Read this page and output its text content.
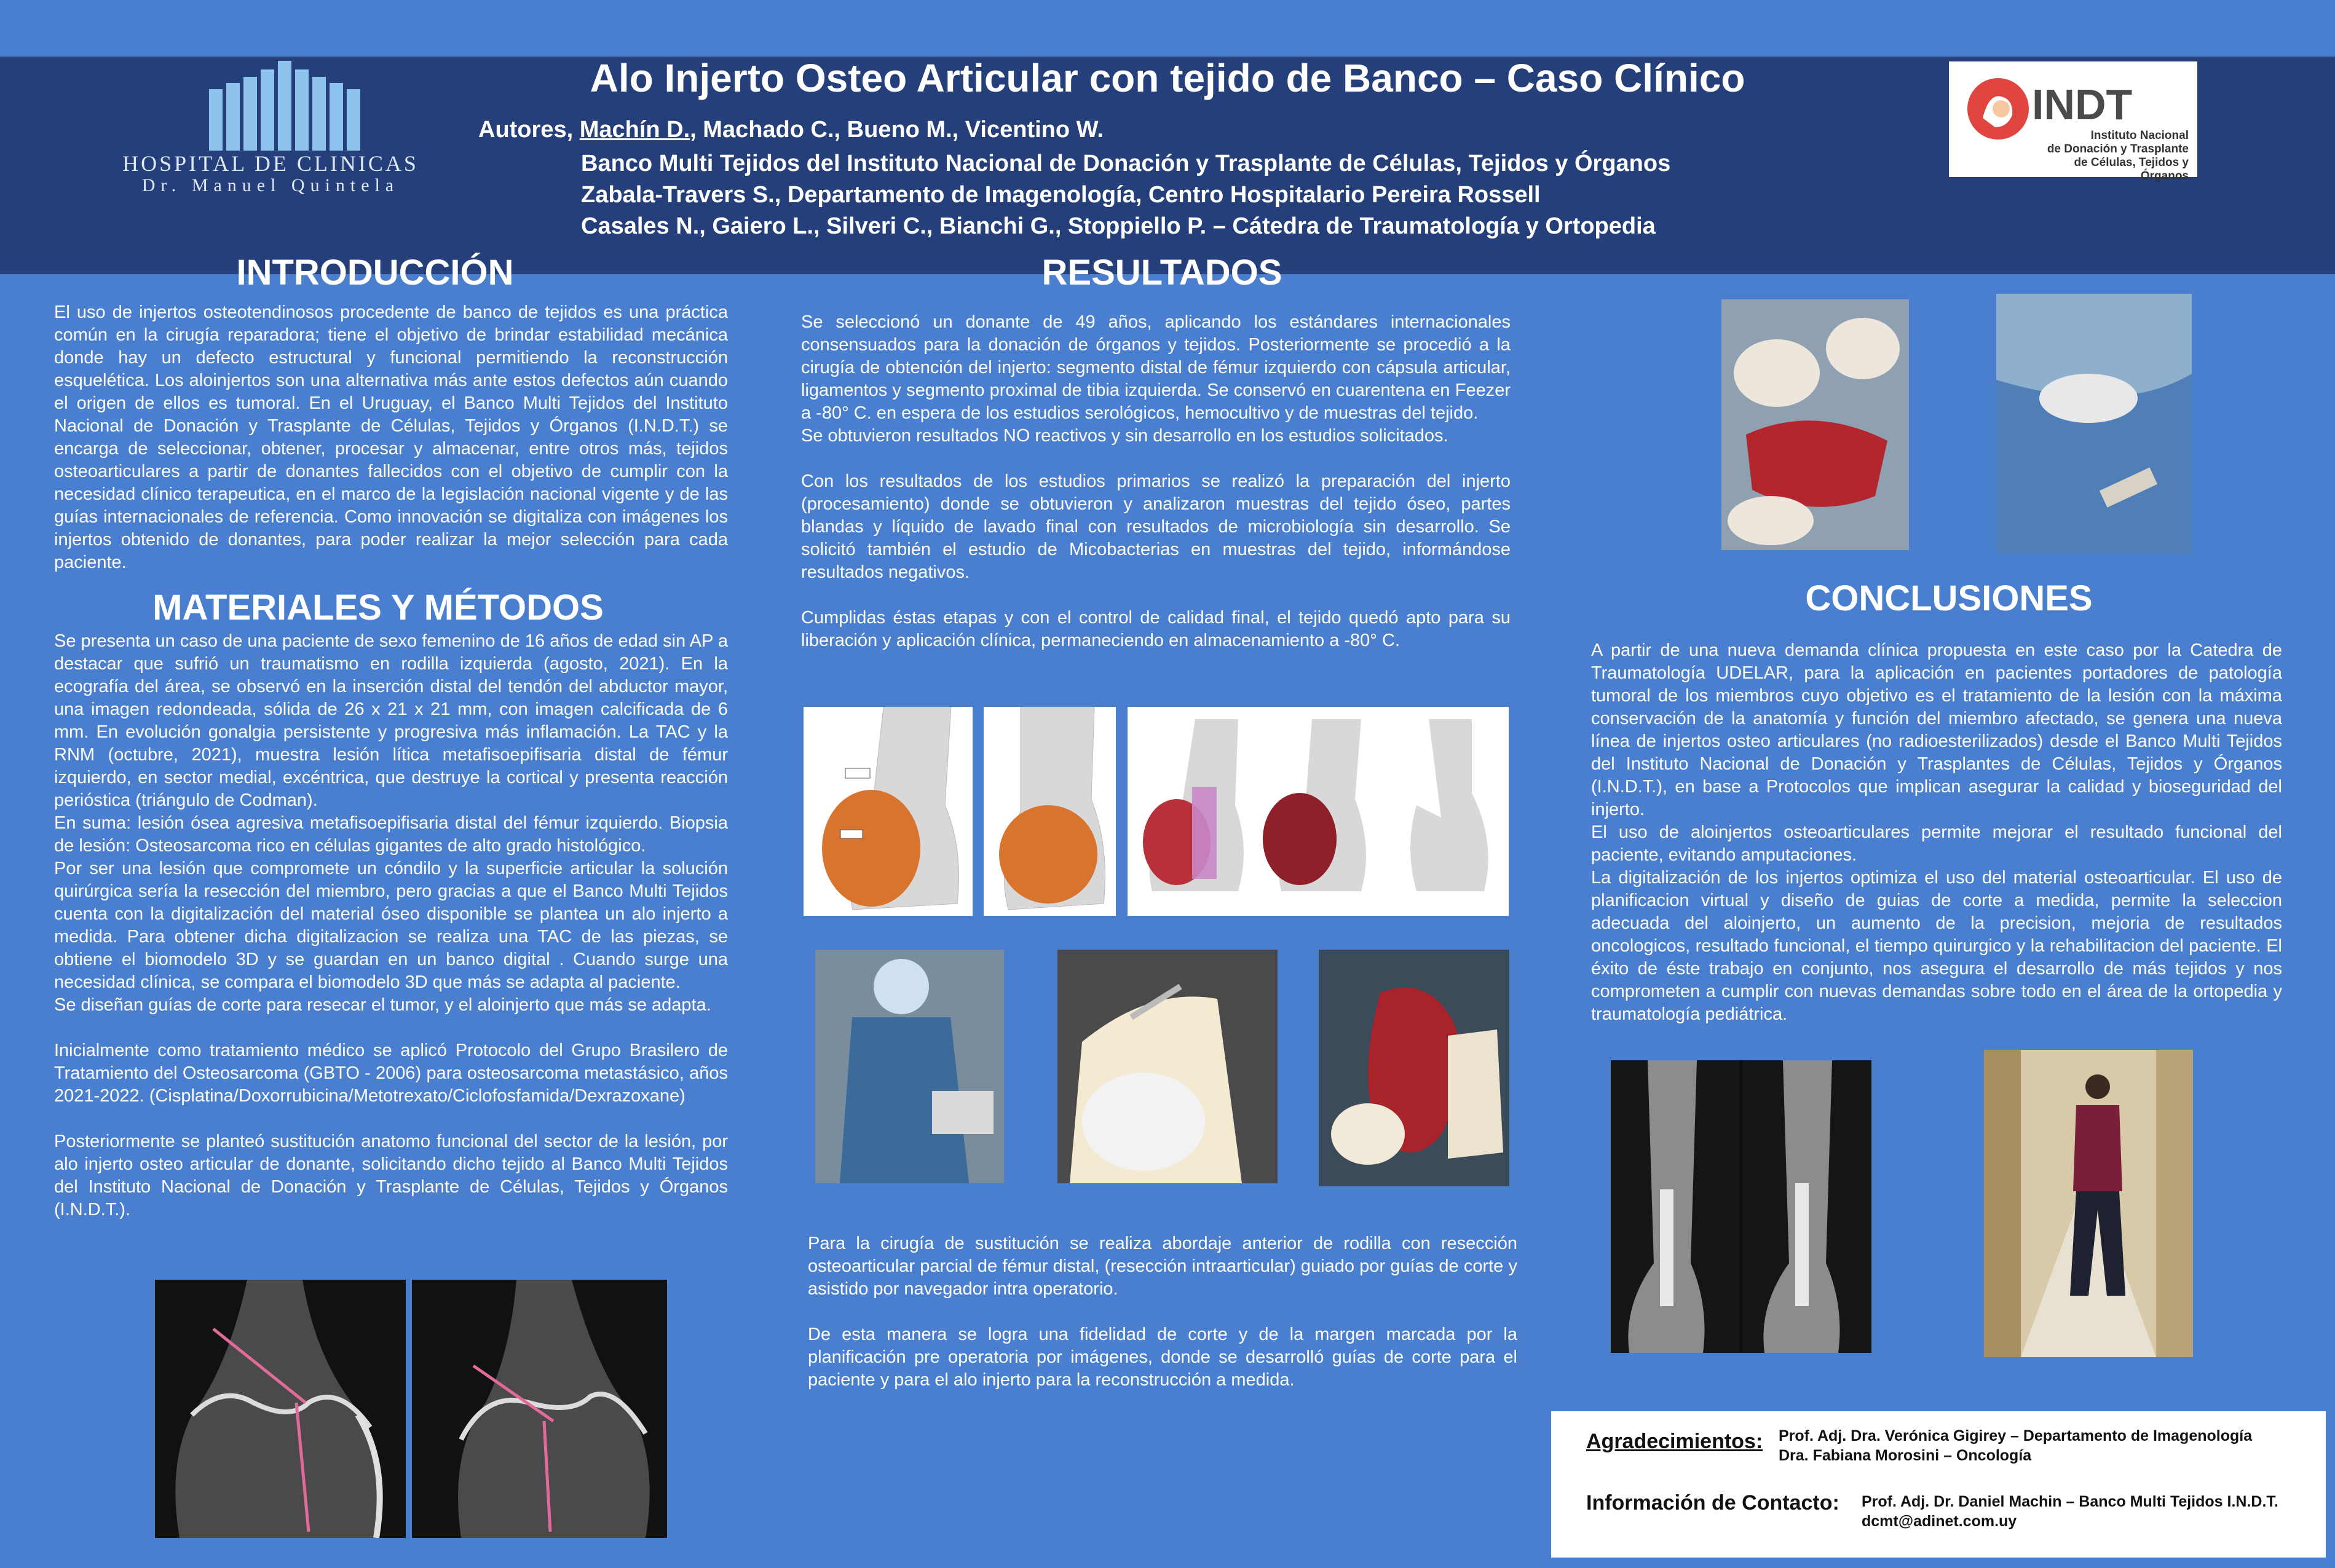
HOSPITAL DE CLINICAS
Dr. Manuel Quintela
Alo Injerto Osteo Articular con tejido de Banco – Caso Clínico
Autores, Machín D., Machado C., Bueno M., Vicentino W.
Banco Multi Tejidos del Instituto Nacional de Donación y Trasplante de Células, Tejidos y Órganos
Zabala-Travers S., Departamento de Imagenología, Centro Hospitalario Pereira Rossell
Casales N., Gaiero L., Silveri C., Bianchi G., Stoppiello P. – Cátedra de Traumatología y Ortopedia
INDT
Instituto Nacional
de Donación y Trasplante
de Células, Tejidos y Órganos
INTRODUCCIÓN
El uso de injertos osteotendinosos procedente de banco de tejidos es una práctica común en la cirugía reparadora; tiene el objetivo de brindar estabilidad mecánica donde hay un defecto estructural y funcional permitiendo la reconstrucción esquelética. Los aloinjertos son una alternativa más ante estos defectos aún cuando el origen de ellos es tumoral. En el Uruguay, el Banco Multi Tejidos del Instituto Nacional de Donación y Trasplante de Células, Tejidos y Órganos (I.N.D.T.) se encarga de seleccionar, obtener, procesar y almacenar, entre otros más, tejidos osteoarticulares a partir de donantes fallecidos con el objetivo de cumplir con la necesidad clínico terapeutica, en el marco de la legislación nacional vigente y de las guías internacionales de referencia. Como innovación se digitaliza con imágenes los injertos obtenido de donantes, para poder realizar la mejor selección para cada paciente.
MATERIALES Y MÉTODOS

Se presenta un caso de una paciente de sexo femenino de 16 años de edad sin AP a destacar que sufrió un traumatismo en rodilla izquierda (agosto, 2021). En la ecografía del área, se observó en la inserción distal del tendón del abductor mayor, una imagen redondeada, sólida de 26 x 21 x 21 mm, con imagen calcificada de 6 mm. En evolución gonalgia persistente y progresiva más inflamación. La TAC y la RNM (octubre, 2021), muestra lesión lítica metafisoepifisaria distal de fémur izquierdo, en sector medial, excéntrica, que destruye la cortical y presenta reacción perióstica (triángulo de Codman).

En suma: lesión ósea agresiva metafisoepifisaria distal del fémur izquierdo. Biopsia de lesión: Osteosarcoma rico en células gigantes de alto grado histológico.

Por ser una lesión que compromete un cóndilo y la superficie articular la solución quirúrgica sería la resección del miembro, pero gracias a que el Banco Multi Tejidos cuenta con la digitalización del material óseo disponible se plantea un alo injerto a medida. Para obtener dicha digitalizacion se realiza una TAC de las piezas, se obtiene el biomodelo 3D y se guardan en un banco digital . Cuando surge una necesidad clínica, se compara el biomodelo 3D que más se adapta al paciente.

Se diseñan guías de corte para resecar el tumor, y el aloinjerto que más se adapta.

Inicialmente como tratamiento médico se aplicó Protocolo del Grupo Brasilero de Tratamiento del Osteosarcoma (GBTO - 2006) para osteosarcoma metastásico, años 2021-2022. (Cisplatina/Doxorrubicina/Metotrexato/Ciclofosfamida/Dexrazoxane)

Posteriormente se planteó sustitución anatomo funcional del sector de la lesión, por alo injerto osteo articular de donante, solicitando dicho tejido al Banco Multi Tejidos del Instituto Nacional de Donación y Trasplante de Células, Tejidos y Órganos (I.N.D.T.).

RESULTADOS

Se seleccionó un donante de 49 años, aplicando los estándares internacionales consensuados para la donación de órganos y tejidos. Posteriormente se procedió a la cirugía de obtención del injerto: segmento distal de fémur izquierdo con cápsula articular, ligamentos y segmento proximal de tibia izquierda. Se conservó en cuarentena en Feezer a -80° C. en espera de los estudios serológicos, hemocultivo y de muestras del tejido.

Se obtuvieron resultados NO reactivos y sin desarrollo en los estudios solicitados.

Con los resultados de los estudios primarios se realizó la preparación del injerto (procesamiento) donde se obtuvieron y analizaron muestras del tejido óseo, partes blandas y líquido de lavado final con resultados de microbiología sin desarrollo. Se solicitó también el estudio de Micobacterias en muestras del tejido, informándose resultados negativos.

Cumplidas éstas etapas y con el control de calidad final, el tejido quedó apto para su liberación y aplicación clínica, permaneciendo en almacenamiento a -80° C.

Para la cirugía de sustitución se realiza abordaje anterior de rodilla con resección osteoarticular parcial de fémur distal, (resección intraarticular) guiado por guías de corte y asistido por navegador intra operatorio.

De esta manera se logra una fidelidad de corte y de la margen marcada por la planificación pre operatoria por imágenes, donde se desarrolló guías de corte para el paciente y para el alo injerto para la reconstrucción a medida.

CONCLUSIONES

A partir de una nueva demanda clínica propuesta en este caso por la Catedra de Traumatología UDELAR, para la aplicación en pacientes portadores de patología tumoral de los miembros cuyo objetivo es el tratamiento de la lesión con la máxima conservación de la anatomía y función del miembro afectado, se genera una nueva línea de injertos osteo articulares (no radioesterilizados) desde el Banco Multi Tejidos del Instituto Nacional de Donación y Trasplantes de Células, Tejidos y Órganos (I.N.D.T.), en base a Protocolos que implican asegurar la calidad y bioseguridad del injerto.

El uso de aloinjertos osteoarticulares permite mejorar el resultado funcional del paciente, evitando amputaciones.

La digitalización de los injertos optimiza el uso del material osteoarticular. El uso de planificacion virtual y diseño de guias de corte a medida, permite la seleccion adecuada del aloinjerto, un aumento de la precision, mejoria de resultados oncologicos, resultado funcional, el tiempo quirurgico y la rehabilitacion del paciente. El éxito de éste trabajo en conjunto, nos asegura el desarrollo de más tejidos y nos comprometen a cumplir con nuevas demandas sobre todo en el área de la ortopedia y traumatología pediátrica.

Agradecimientos: Prof. Adj. Dra. Verónica Gigirey – Departamento de Imagenología
Dra. Fabiana Morosini – Oncología
Información de Contacto: Prof. Adj. Dr. Daniel Machin – Banco Multi Tejidos I.N.D.T.
dcmt@adinet.com.uy
